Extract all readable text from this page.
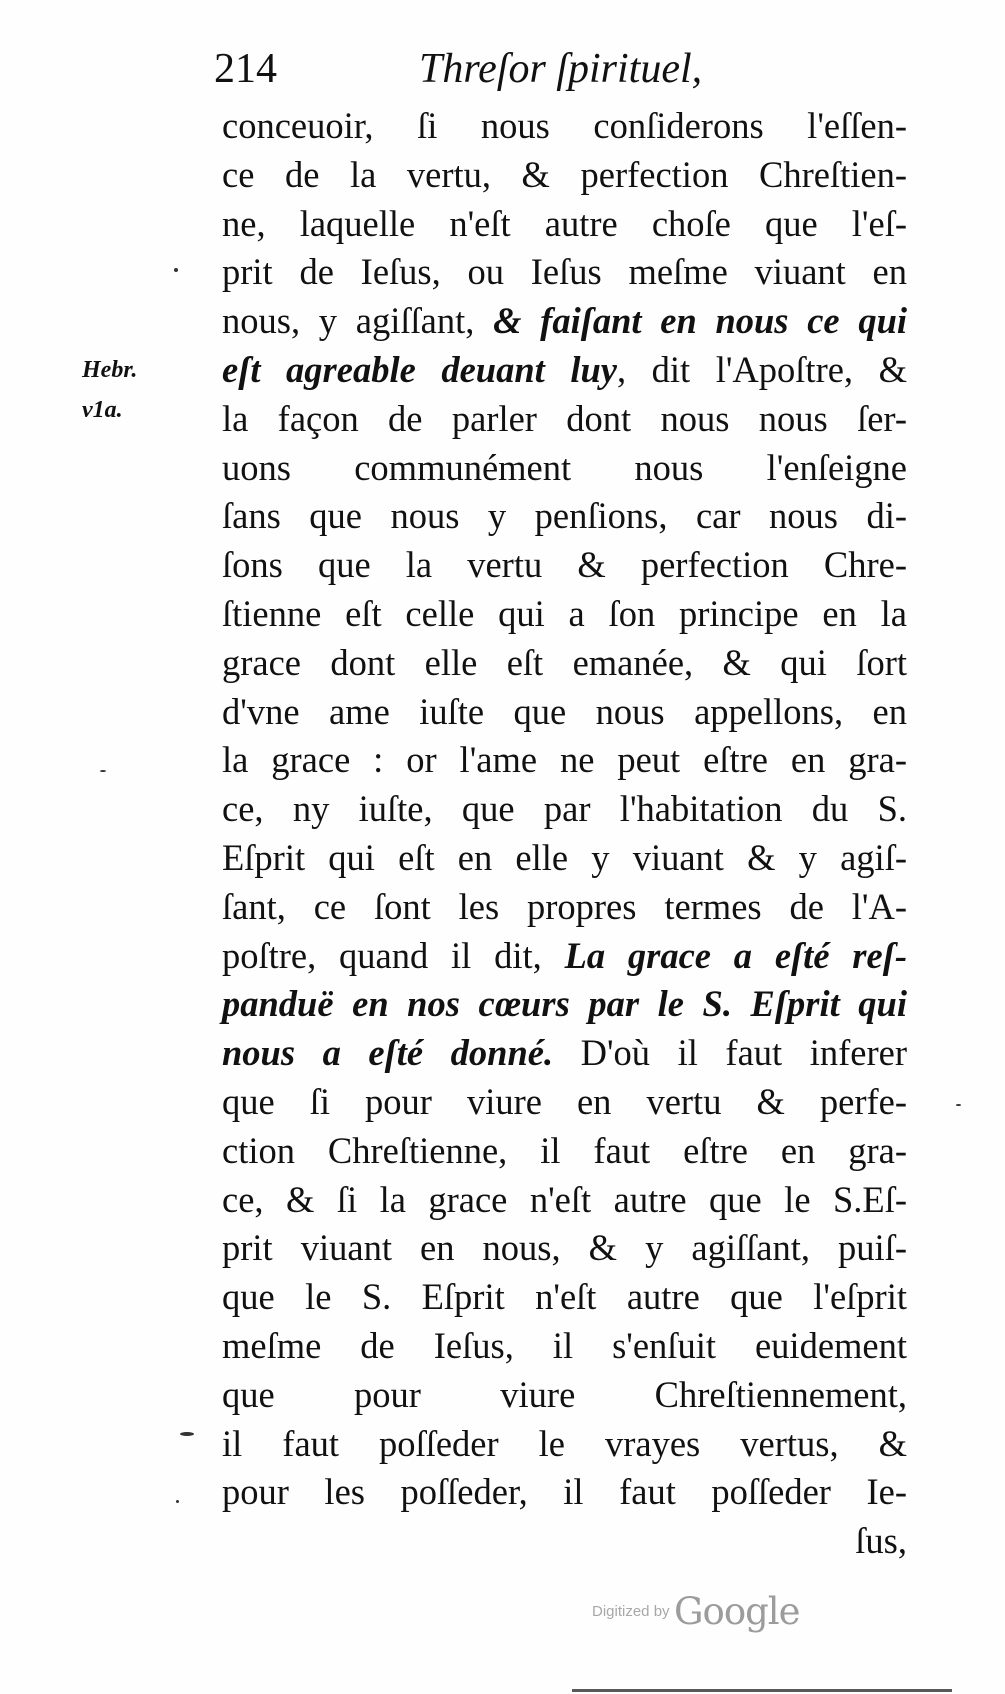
214	Threſor ſpirituel,
Hebr.
v1a.
conceuoir, ſi nous conſiderons l'eſſen-
ce de la vertu, & perfection Chreſtien-
ne, laquelle n'eſt autre choſe que l'eſ-
prit de Ieſus, ou Ieſus meſme viuant en
nous, y agiſſant, & faiſant en nous ce qui
eſt agreable deuant luy, dit l'Apoſtre, &
la façon de parler dont nous nous ſer-
uons communément nous l'enſeigne
ſans que nous y penſions, car nous di-
ſons que la vertu & perfection Chre-
ſtienne eſt celle qui a ſon principe en la
grace dont elle eſt emanée, & qui ſort
d'vne ame iuſte que nous appellons, en
la grace : or l'ame ne peut eſtre en gra-
ce, ny iuſte, que par l'habitation du S.
Eſprit qui eſt en elle y viuant & y agiſ-
ſant, ce ſont les propres termes de l'A-
poſtre, quand il dit, La grace a eſté reſ-
panduë en nos cœurs par le S. Eſprit qui
nous a eſté donné. D'où il faut inferer
que ſi pour viure en vertu & perfe-
ction Chreſtienne, il faut eſtre en gra-
ce, & ſi la grace n'eſt autre que le S.Eſ-
prit viuant en nous, & y agiſſant, puiſ-
que le S. Eſprit n'eſt autre que l'eſprit
meſme de Ieſus, il s'enſuit euidement
que pour viure Chreſtiennement,
il faut poſſeder le vrayes vertus, &
pour les poſſeder, il faut poſſeder Ie-
ſus,
Digitized by Google
